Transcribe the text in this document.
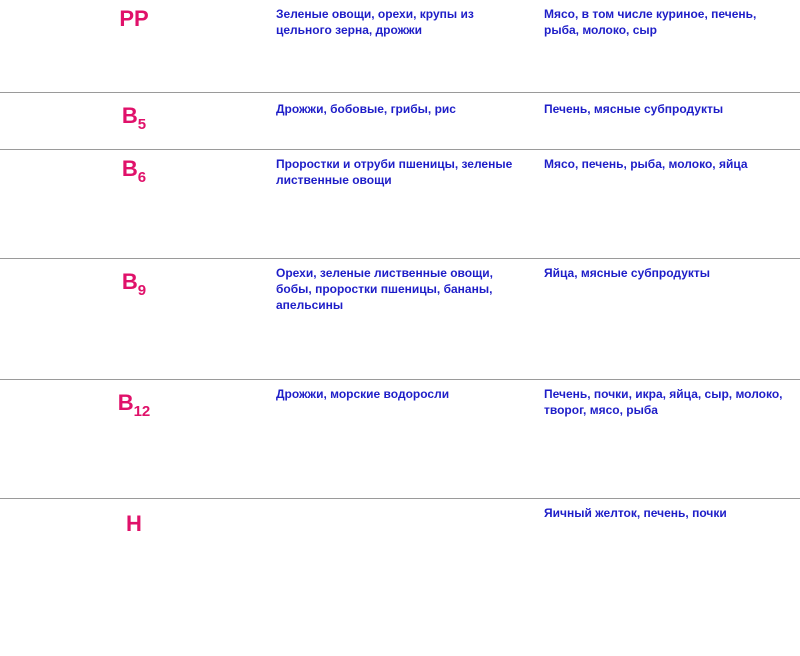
PP	Зеленые овощи, орехи, крупы из цельного зерна, дрожжи	Мясо, в том числе куриное, печень, рыба, молоко, сыр
$B_5$	Дрожжи, бобовые, грибы, рис	Печень, мясные субпродукты
$B_6$	Проростки и отруби пшеницы, зеленые лиственные овощи	Мясо, печень, рыба, молоко, яйца
$B_9$	Орехи, зеленые лиственные овощи, бобы, проростки пшеницы, бананы, апельсины	Яйца, мясные субпродукты
$B_{12}$	Дрожжи, морские водоросли	Печень, почки, икра, яйца, сыр, молоко, творог, мясо, рыба
H		Яичный желток, печень, почки
